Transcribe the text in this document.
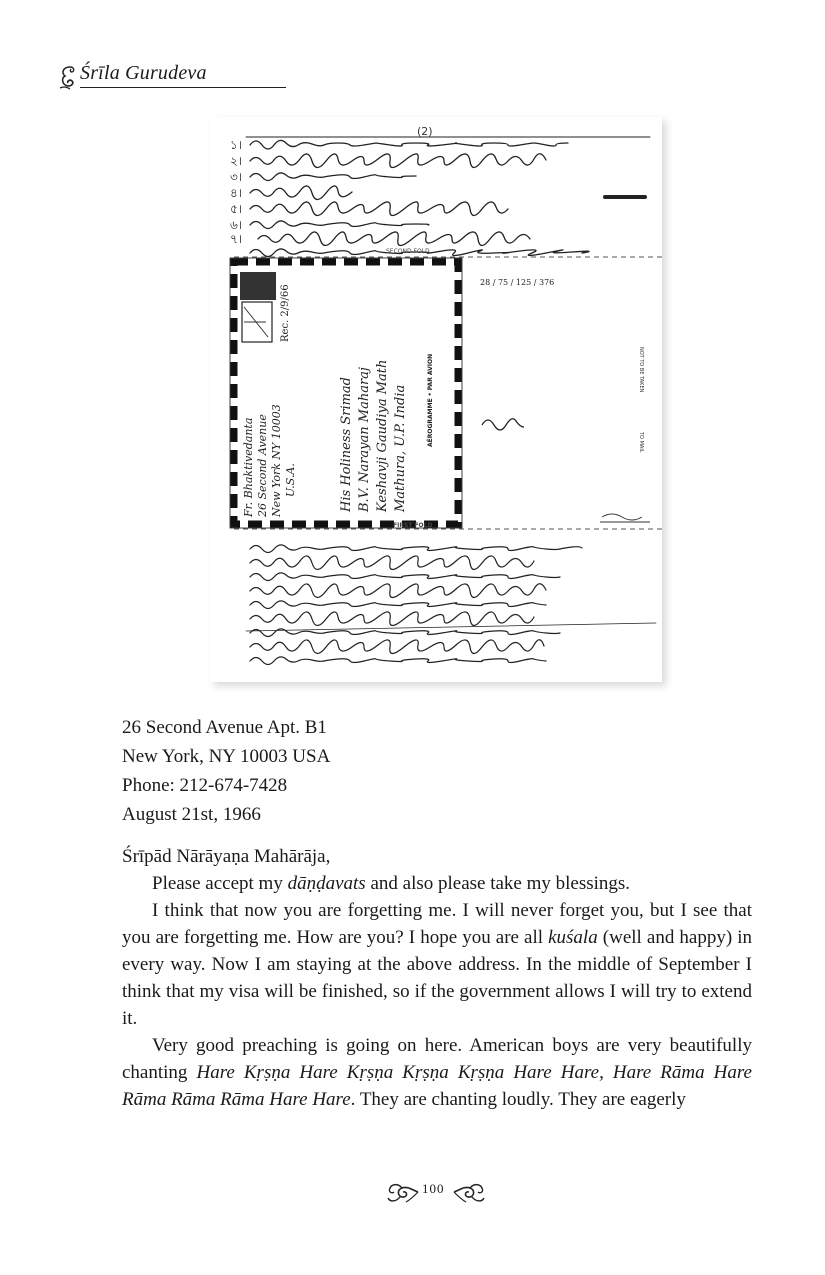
Śrīla Gurudeva
(2)
১।
২।
৩।
৪।
৫।
৬।
৭।
SECOND FOLD
Rec. 2/9/66
Fr. Bhaktivedanta 26 Second Avenue New York NY 10003 U.S.A.	His Holiness Srimad B.V. Narayan Maharaj Keshavji Gaudiya Math Mathura, U.P. India	AÉROGRAMME • PAR AVION
28 / 75 / 125 / 376
NOT TO BE TAKEN
TO MAIL
FIRST FOLD
26 Second Avenue Apt. B1
New York, NY 10003 USA
Phone: 212-674-7428
August 21st, 1966

Śrīpād Nārāyaṇa Mahārāja,

Please accept my dāṇḍavats and also please take my blessings.

I think that now you are forgetting me. I will never forget you, but I see that you are forgetting me. How are you? I hope you are all kuśala (well and happy) in every way. Now I am staying at the above address. In the middle of September I think that my visa will be finished, so if the government allows I will try to extend it.

Very good preaching is going on here. American boys are very beautifully chanting Hare Kṛṣṇa Hare Kṛṣṇa Kṛṣṇa Kṛṣṇa Hare Hare, Hare Rāma Hare Rāma Rāma Rāma Hare Hare. They are chanting loudly. They are eagerly

100
